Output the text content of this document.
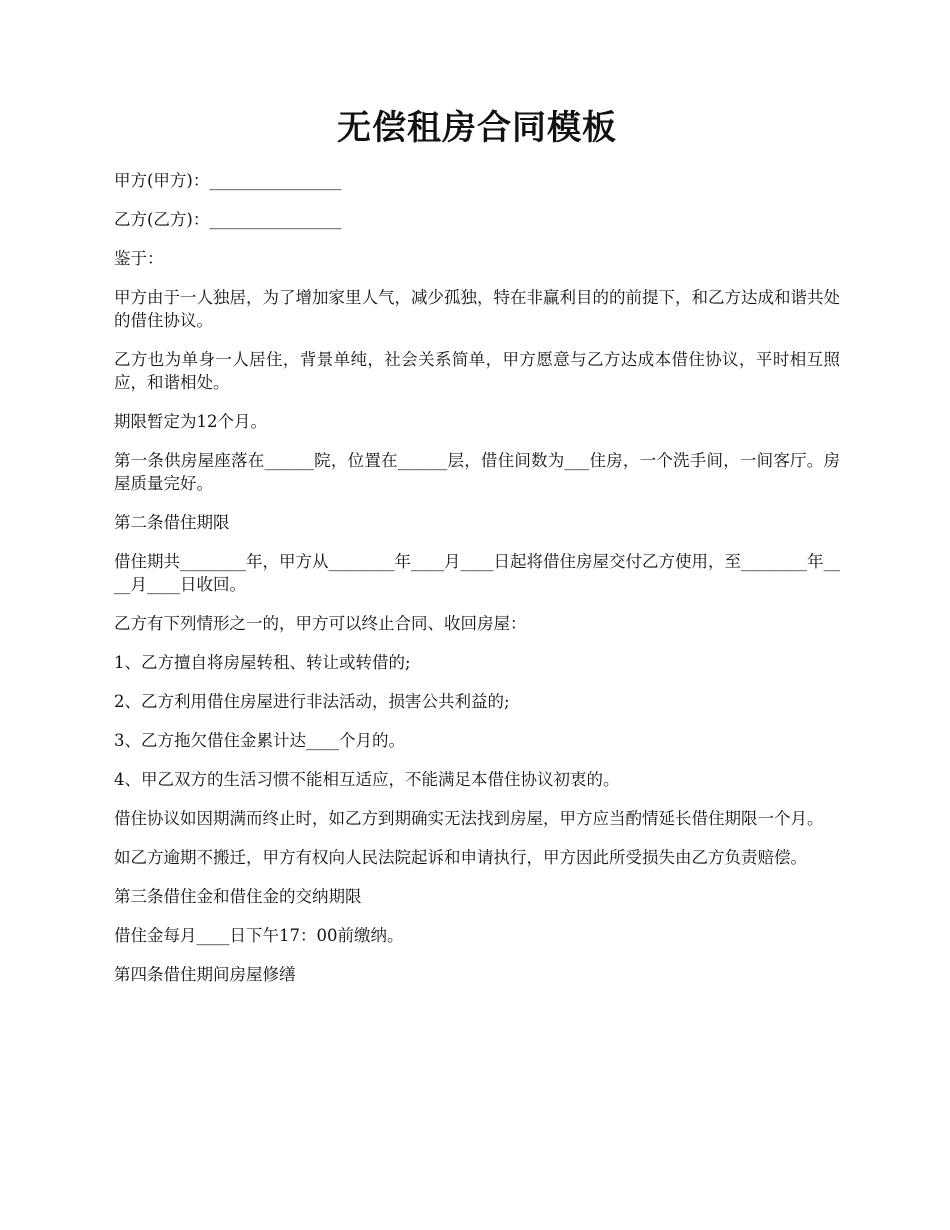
无偿租房合同模板

甲方(甲方)：________________

乙方(乙方)：________________

鉴于：

甲方由于一人独居，为了增加家里人气，减少孤独，特在非赢利目的的前提下，和乙方达成和谐共处的借住协议。

乙方也为单身一人居住，背景单纯，社会关系简单，甲方愿意与乙方达成本借住协议，平时相互照应，和谐相处。

期限暂定为12个月。

第一条供房屋座落在______院，位置在______层，借住间数为___住房，一个洗手间，一间客厅。房屋质量完好。

第二条借住期限

借住期共________年，甲方从________年____月____日起将借住房屋交付乙方使用，至________年____月____日收回。

乙方有下列情形之一的，甲方可以终止合同、收回房屋：

1、乙方擅自将房屋转租、转让或转借的;

2、乙方利用借住房屋进行非法活动，损害公共利益的;

3、乙方拖欠借住金累计达____个月的。

4、甲乙双方的生活习惯不能相互适应，不能满足本借住协议初衷的。

借住协议如因期满而终止时，如乙方到期确实无法找到房屋，甲方应当酌情延长借住期限一个月。

如乙方逾期不搬迁，甲方有权向人民法院起诉和申请执行，甲方因此所受损失由乙方负责赔偿。

第三条借住金和借住金的交纳期限

借住金每月____日下午17：00前缴纳。

第四条借住期间房屋修缮
